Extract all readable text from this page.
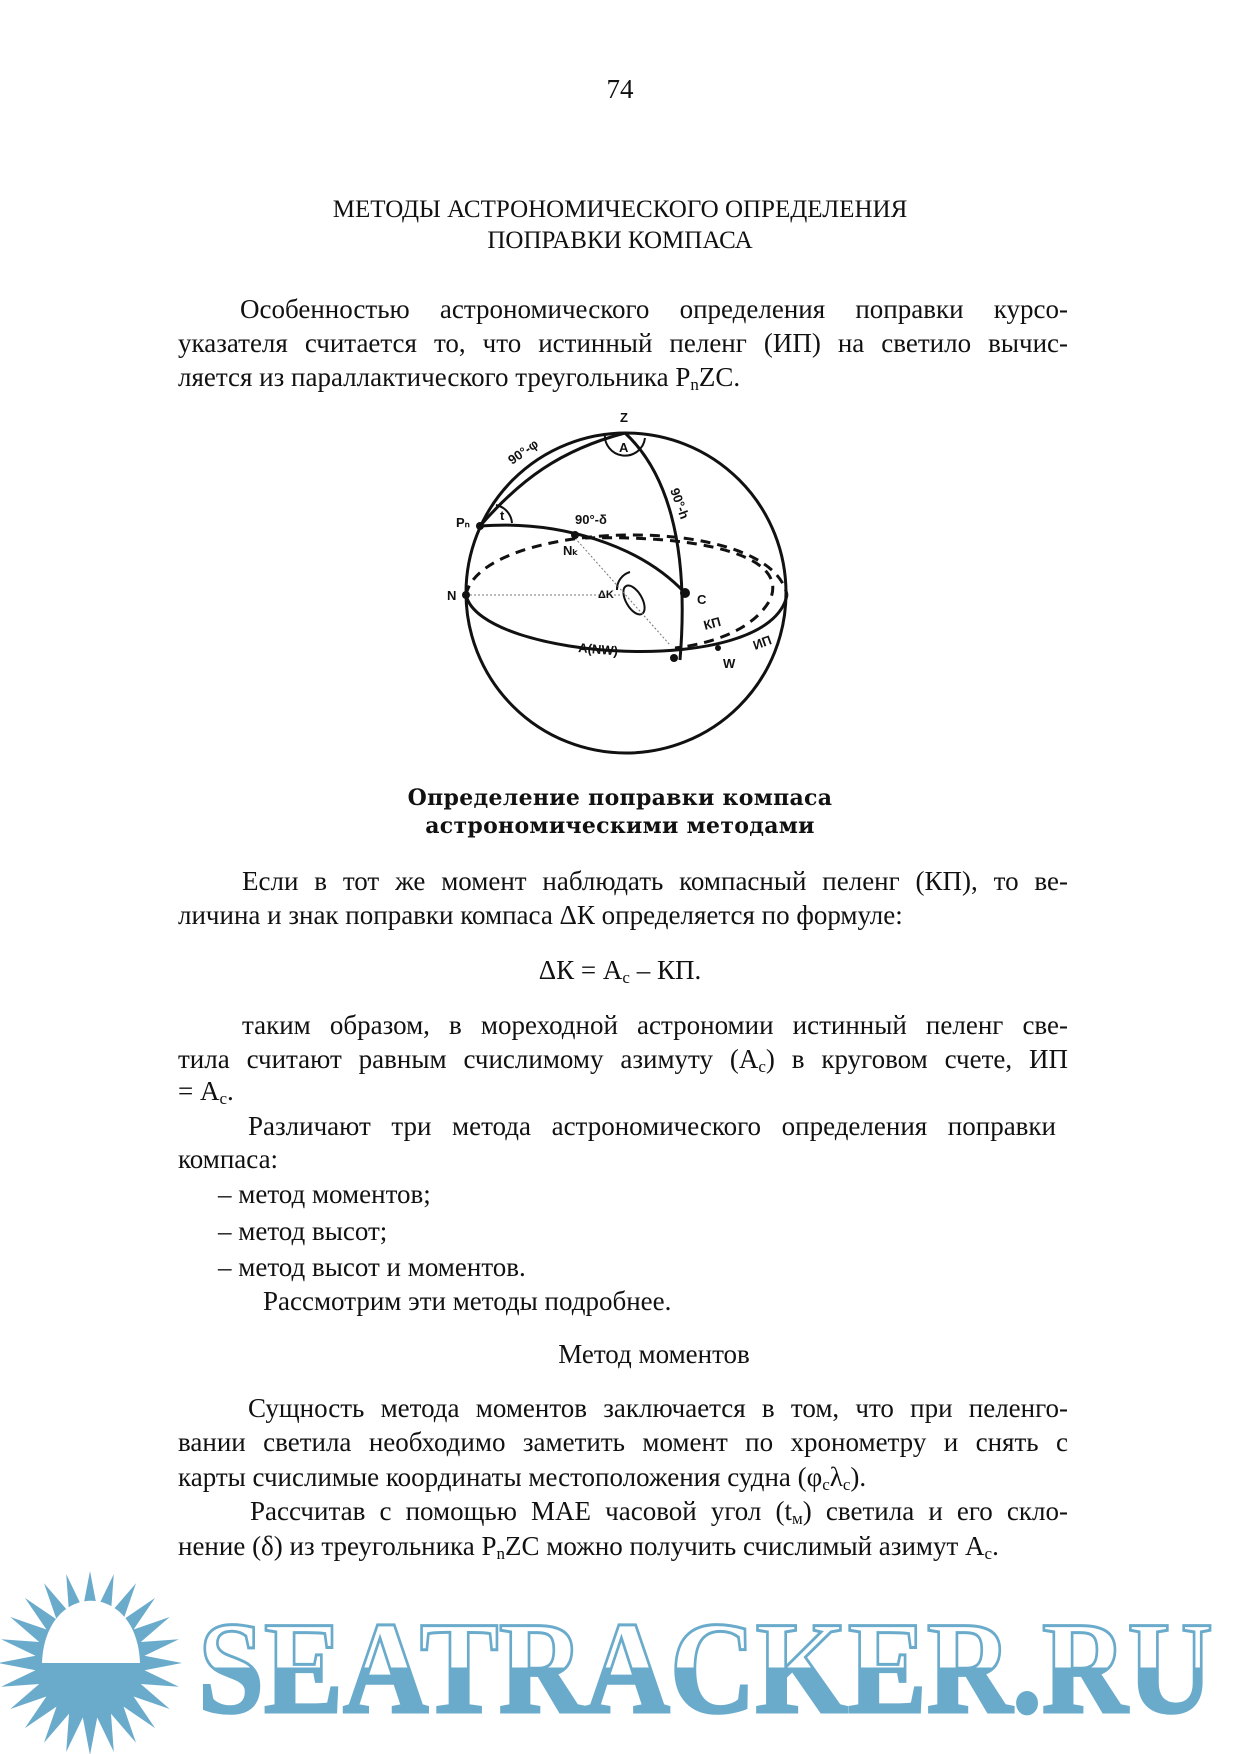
74
МЕТОДЫ АСТРОНОМИЧЕСКОГО ОПРЕДЕЛЕНИЯ
ПОПРАВКИ КОМПАСА
Особенностью астрономического определения поправки курсо-
указателя считается то, что истинный пеленг (ИП) на светило вычис-
ляется из параллактического треугольника $P_nZC$.
Z
A
90°-φ
90°-h
90°-δ
Pₙ t
Nₖ
ΔK
N	C
КП
ИП
A(NW)
W
Определение поправки компаса
астрономическими методами
Если в тот же момент наблюдать компасный пеленг (КП), то ве-
личина и знак поправки компаса ΔК определяется по формуле:
$\Delta К = А_с$ – КП.
таким образом, в мореходной астрономии истинный пеленг све-
тила считают равным счислимому азимуту $(А_с)$ в круговом счете, ИП
= $А_с$.
Различают три метода астрономического определения поправки
компаса:
– метод моментов;
– метод высот;
– метод высот и моментов.
Рассмотрим эти методы подробнее.
Метод моментов
Сущность метода моментов заключается в том, что при пеленго-
вании светила необходимо заметить момент по хронометру и снять с
карты счислимые координаты местоположения судна $(\varphi_с\lambda_с)$.
Рассчитав с помощью МАЕ часовой угол $(t_м)$ светила и его скло-
нение (δ) из треугольника $P_nZC$ можно получить счислимый азимут $А_с$.
SEATRACKER.RU
